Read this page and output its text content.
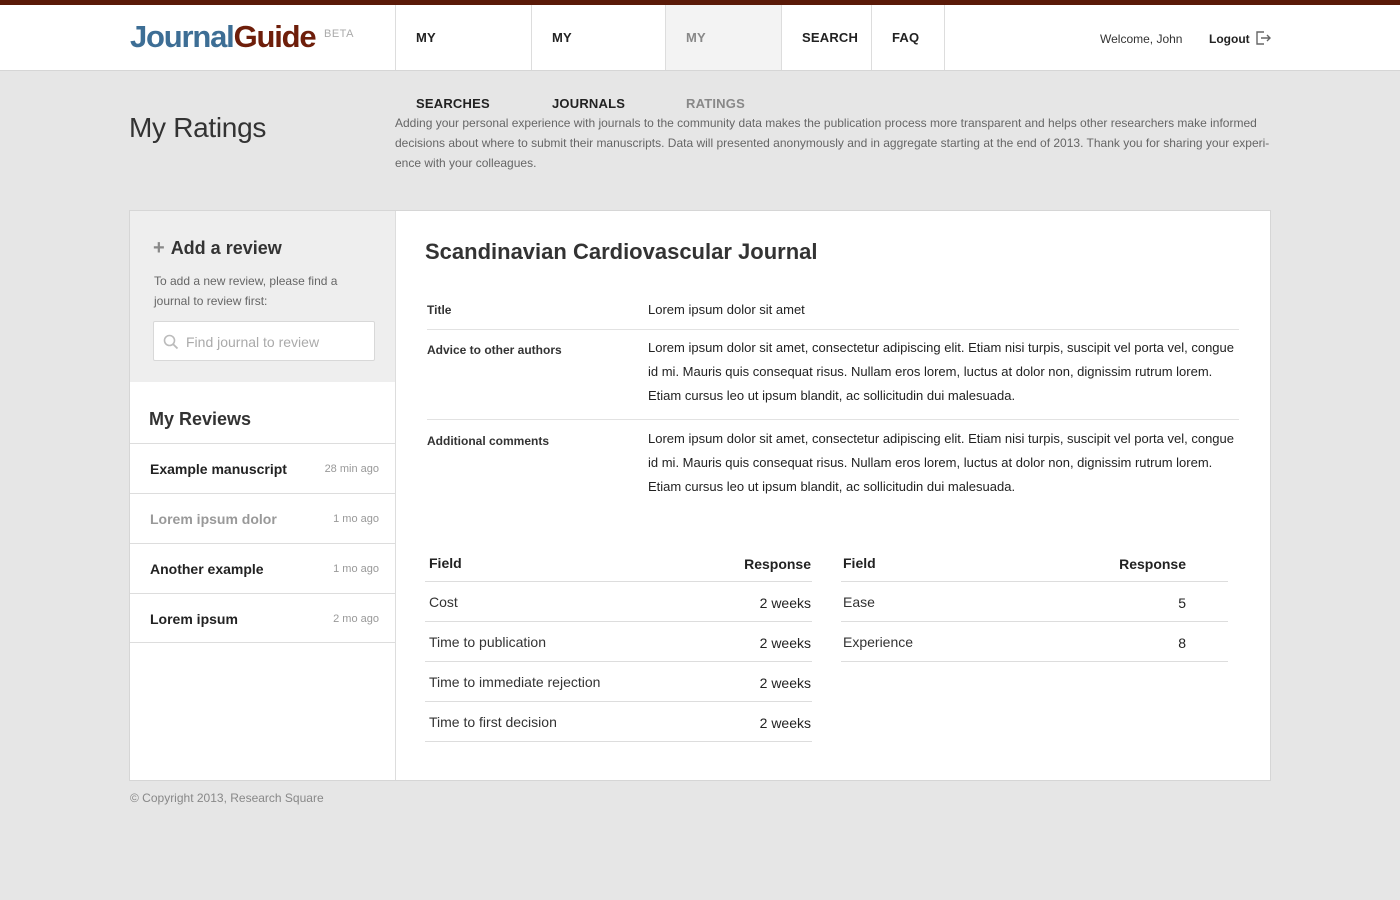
JournalGuide BETA	MY SEARCHES
MY JOURNALS
MY RATINGS
SEARCH	FAQ	Welcome, John Logout
My Ratings	Adding your personal experience with journals to the community data makes the publication process more transparent and helps other researchers make informed decisions about where to submit their manuscripts. Data will presented anonymously and in aggregate starting at the end of 2013. Thank you for sharing your experi-ence with your colleagues.

+ Add a review
To add a new review, please find a journal to review first:
Find journal to review
My Reviews
Example manuscript	28 min ago
Lorem ipsum dolor	1 mo ago
Another example	1 mo ago
Lorem ipsum	2 mo ago
Scandinavian Cardiovascular Journal
Title	Lorem ipsum dolor sit amet
Advice to other authors	Lorem ipsum dolor sit amet, consectetur adipiscing elit. Etiam nisi turpis, suscipit vel porta vel, congue id mi. Mauris quis consequat risus. Nullam eros lorem, luctus at dolor non, dignissim rutrum lorem. Etiam cursus leo ut ipsum blandit, ac sollicitudin dui malesuada.
Additional comments	Lorem ipsum dolor sit amet, consectetur adipiscing elit. Etiam nisi turpis, suscipit vel porta vel, congue id mi. Mauris quis consequat risus. Nullam eros lorem, luctus at dolor non, dignissim rutrum lorem. Etiam cursus leo ut ipsum blandit, ac sollicitudin dui malesuada.
Field	Response
Cost	2 weeks
Time to publication	2 weeks
Time to immediate rejection	2 weeks
Time to first decision	2 weeks
Field	Response
Ease	5
Experience	8
© Copyright 2013, Research Square
